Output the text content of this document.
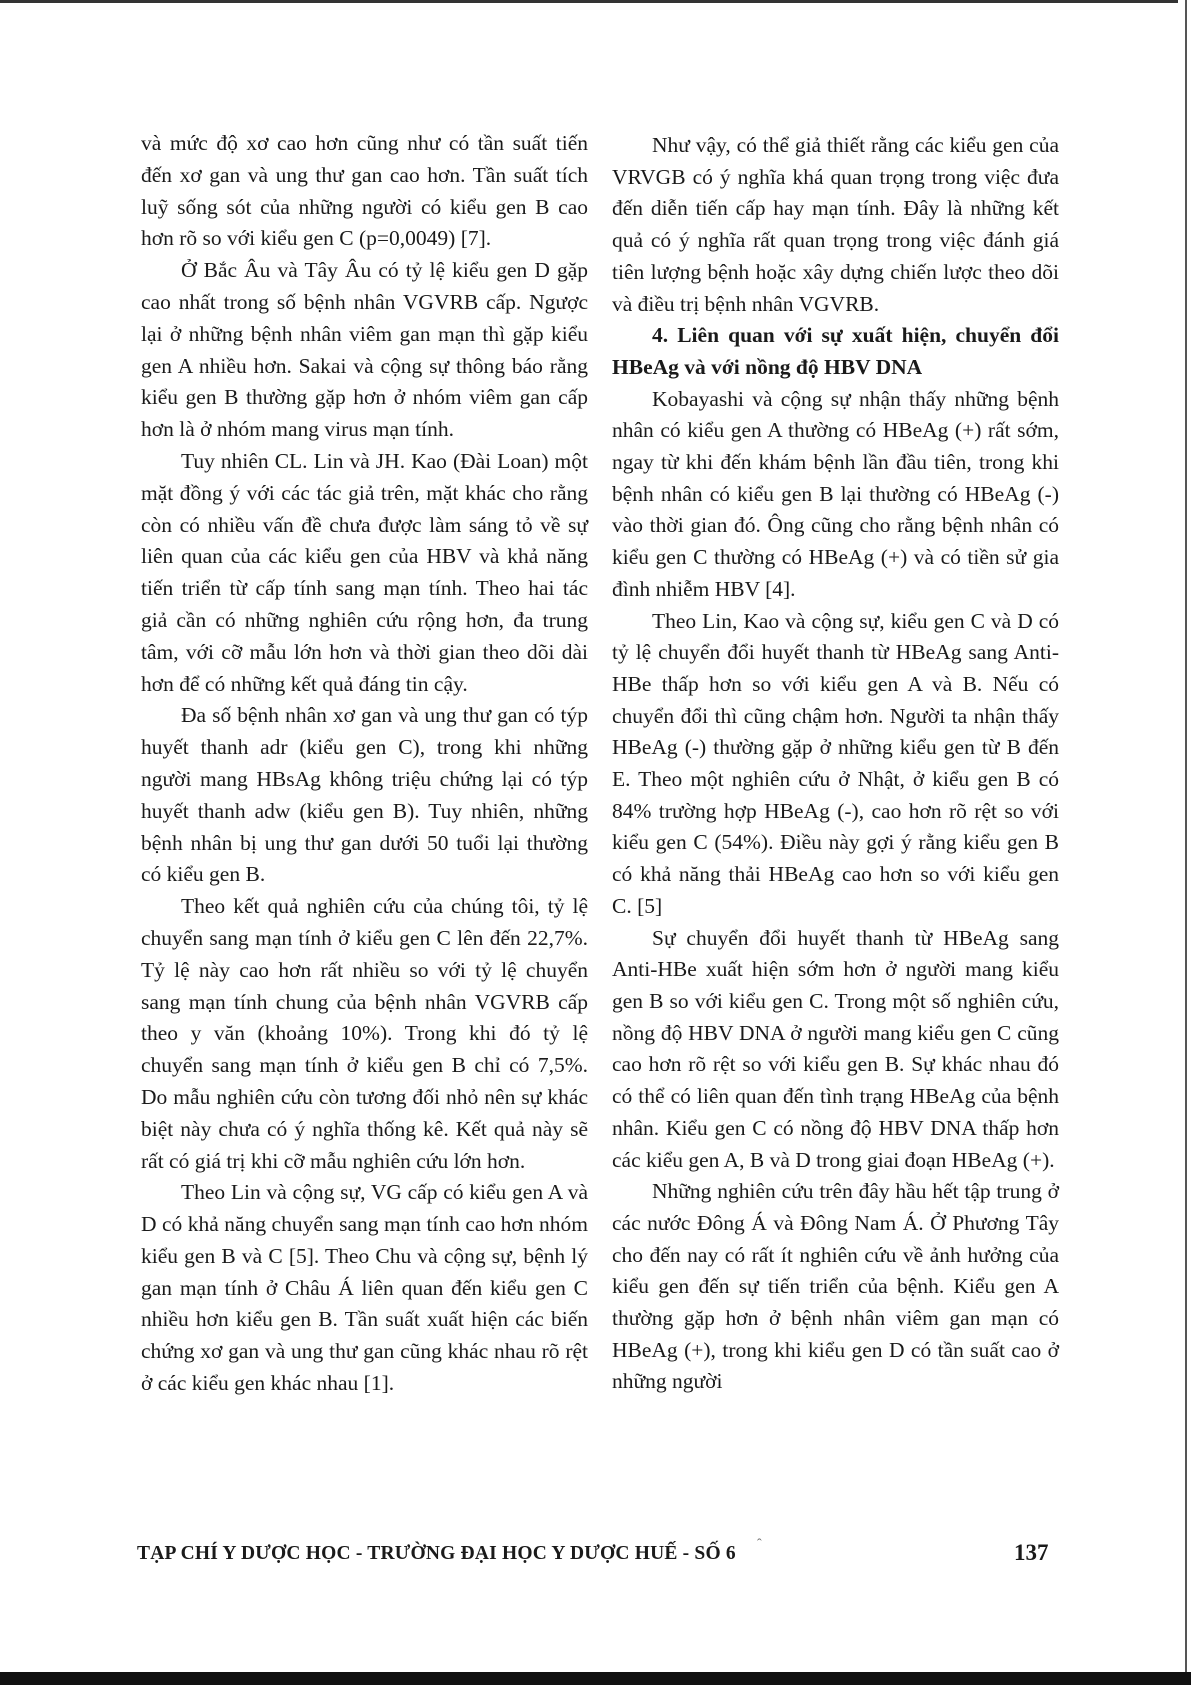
và mức độ xơ cao hơn cũng như có tần suất tiến đến xơ gan và ung thư gan cao hơn. Tần suất tích luỹ sống sót của những người có kiểu gen B cao hơn rõ so với kiểu gen C (p=0,0049) [7].

Ở Bắc Âu và Tây Âu có tỷ lệ kiểu gen D gặp cao nhất trong số bệnh nhân VGVRB cấp. Ngược lại ở những bệnh nhân viêm gan mạn thì gặp kiểu gen A nhiều hơn. Sakai và cộng sự thông báo rằng kiểu gen B thường gặp hơn ở nhóm viêm gan cấp hơn là ở nhóm mang virus mạn tính.

Tuy nhiên CL. Lin và JH. Kao (Đài Loan) một mặt đồng ý với các tác giả trên, mặt khác cho rằng còn có nhiều vấn đề chưa được làm sáng tỏ về sự liên quan của các kiểu gen của HBV và khả năng tiến triển từ cấp tính sang mạn tính. Theo hai tác giả cần có những nghiên cứu rộng hơn, đa trung tâm, với cỡ mẫu lớn hơn và thời gian theo dõi dài hơn để có những kết quả đáng tin cậy.

Đa số bệnh nhân xơ gan và ung thư gan có týp huyết thanh adr (kiểu gen C), trong khi những người mang HBsAg không triệu chứng lại có týp huyết thanh adw (kiểu gen B). Tuy nhiên, những bệnh nhân bị ung thư gan dưới 50 tuổi lại thường có kiểu gen B.

Theo kết quả nghiên cứu của chúng tôi, tỷ lệ chuyển sang mạn tính ở kiểu gen C lên đến 22,7%. Tỷ lệ này cao hơn rất nhiều so với tỷ lệ chuyển sang mạn tính chung của bệnh nhân VGVRB cấp theo y văn (khoảng 10%). Trong khi đó tỷ lệ chuyển sang mạn tính ở kiểu gen B chỉ có 7,5%. Do mẫu nghiên cứu còn tương đối nhỏ nên sự khác biệt này chưa có ý nghĩa thống kê. Kết quả này sẽ rất có giá trị khi cỡ mẫu nghiên cứu lớn hơn.

Theo Lin và cộng sự, VG cấp có kiểu gen A và D có khả năng chuyển sang mạn tính cao hơn nhóm kiểu gen B và C [5]. Theo Chu và cộng sự, bệnh lý gan mạn tính ở Châu Á liên quan đến kiểu gen C nhiều hơn kiểu gen B. Tần suất xuất hiện các biến chứng xơ gan và ung thư gan cũng khác nhau rõ rệt ở các kiểu gen khác nhau [1].

Như vậy, có thể giả thiết rằng các kiểu gen của VRVGB có ý nghĩa khá quan trọng trong việc đưa đến diễn tiến cấp hay mạn tính. Đây là những kết quả có ý nghĩa rất quan trọng trong việc đánh giá tiên lượng bệnh hoặc xây dựng chiến lược theo dõi và điều trị bệnh nhân VGVRB.

4. Liên quan với sự xuất hiện, chuyển đổi HBeAg và với nồng độ HBV DNA

Kobayashi và cộng sự nhận thấy những bệnh nhân có kiểu gen A thường có HBeAg (+) rất sớm, ngay từ khi đến khám bệnh lần đầu tiên, trong khi bệnh nhân có kiểu gen B lại thường có HBeAg (-) vào thời gian đó. Ông cũng cho rằng bệnh nhân có kiểu gen C thường có HBeAg (+) và có tiền sử gia đình nhiễm HBV [4].

Theo Lin, Kao và cộng sự, kiểu gen C và D có tỷ lệ chuyển đổi huyết thanh từ HBeAg sang Anti-HBe thấp hơn so với kiểu gen A và B. Nếu có chuyển đổi thì cũng chậm hơn. Người ta nhận thấy HBeAg (-) thường gặp ở những kiểu gen từ B đến E. Theo một nghiên cứu ở Nhật, ở kiểu gen B có 84% trường hợp HBeAg (-), cao hơn rõ rệt so với kiểu gen C (54%). Điều này gợi ý rằng kiểu gen B có khả năng thải HBeAg cao hơn so với kiểu gen C. [5]

Sự chuyển đổi huyết thanh từ HBeAg sang Anti-HBe xuất hiện sớm hơn ở người mang kiểu gen B so với kiểu gen C. Trong một số nghiên cứu, nồng độ HBV DNA ở người mang kiểu gen C cũng cao hơn rõ rệt so với kiểu gen B. Sự khác nhau đó có thể có liên quan đến tình trạng HBeAg của bệnh nhân. Kiểu gen C có nồng độ HBV DNA thấp hơn các kiểu gen A, B và D trong giai đoạn HBeAg (+).

Những nghiên cứu trên đây hầu hết tập trung ở các nước Đông Á và Đông Nam Á. Ở Phương Tây cho đến nay có rất ít nghiên cứu về ảnh hưởng của kiểu gen đến sự tiến triển của bệnh. Kiểu gen A thường gặp hơn ở bệnh nhân viêm gan mạn có HBeAg (+), trong khi kiểu gen D có tần suất cao ở những người

TẠP CHÍ Y DƯỢC HỌC - TRƯỜNG ĐẠI HỌC Y DƯỢC HUẾ - SỐ 6 ˆ	137
